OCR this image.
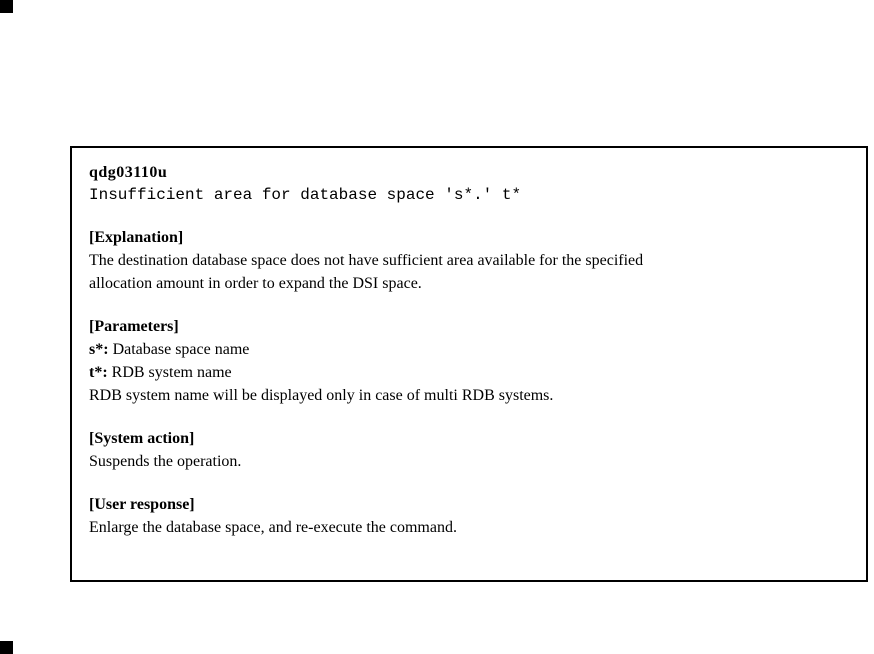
qdg03110u

Insufficient area for database space 's*.' t*

[Explanation]

The destination database space does not have sufficient area available for the specified
allocation amount in order to expand the DSI space.

[Parameters]

s*: Database space name
t*: RDB system name
RDB system name will be displayed only in case of multi RDB systems.

[System action]

Suspends the operation.

[User response]

Enlarge the database space, and re-execute the command.
